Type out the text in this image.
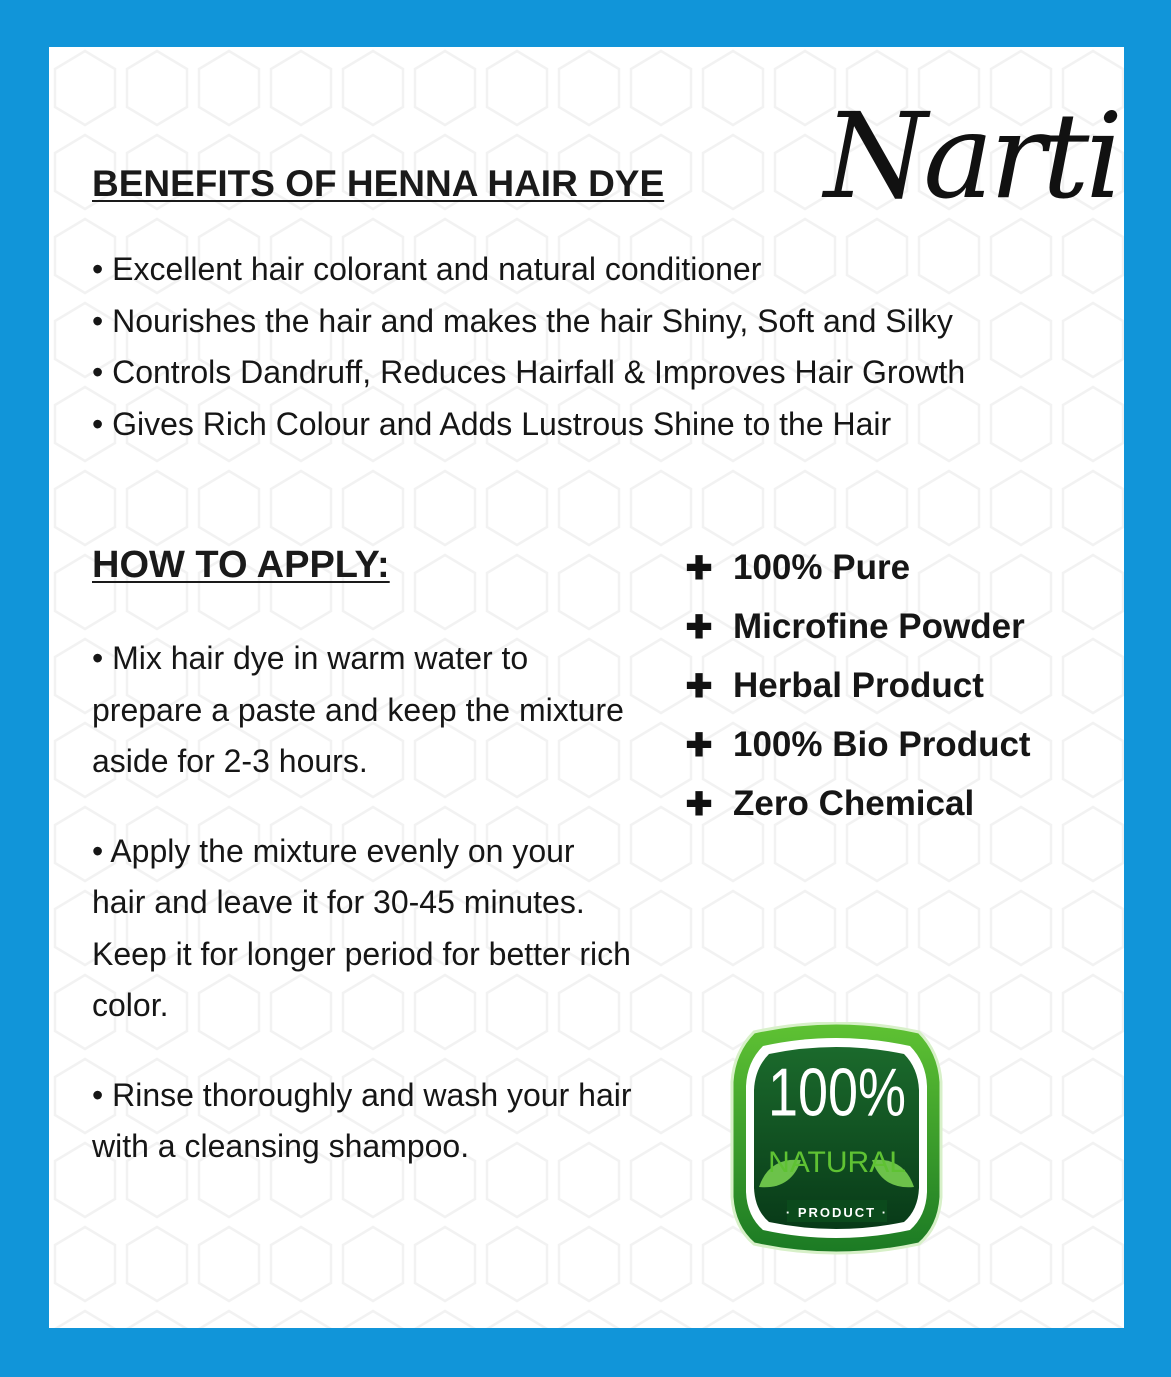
BENEFITS OF HENNA HAIR DYE Narti
• Excellent hair colorant and natural conditioner
• Nourishes the hair and makes the hair Shiny, Soft and Silky
• Controls Dandruff, Reduces Hairfall & Improves Hair Growth
• Gives Rich Colour and Adds Lustrous Shine to the Hair
HOW TO APPLY:

• Mix hair dye in warm water to prepare a paste and keep the mixture aside for 2-3 hours.

• Apply the mixture evenly on your hair and leave it for 30-45 minutes. Keep it for longer period for better rich color.

• Rinse thoroughly and wash your hair with a cleansing shampoo.

✚ 100% Pure
✚ Microfine Powder
✚ Herbal Product
✚ 100% Bio Product
✚ Zero Chemical
100%
NATURAL
· PRODUCT ·
